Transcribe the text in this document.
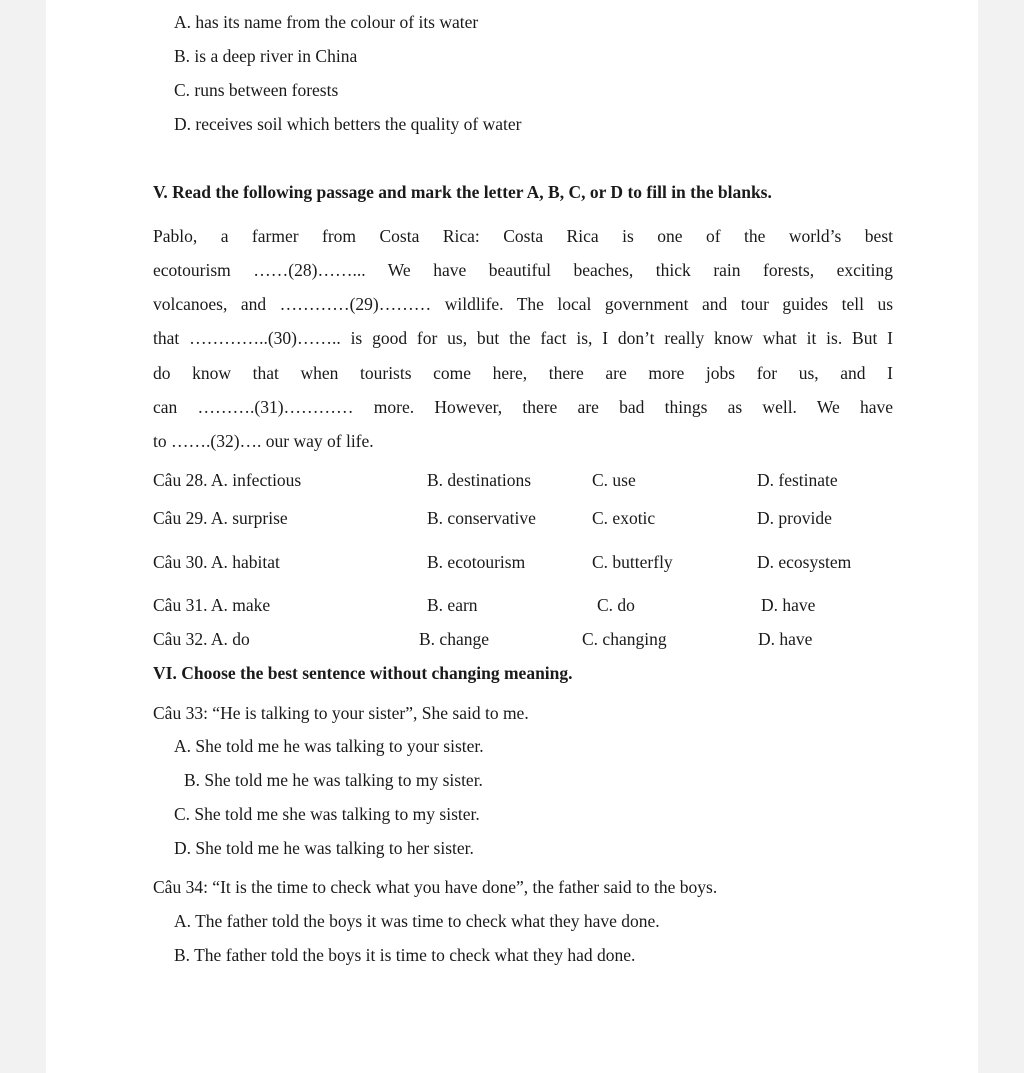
A. has its name from the colour of its water
B. is a deep river in China
C. runs between forests
D. receives soil which betters the quality of water
V. Read the following passage and mark the letter A, B, C, or D to fill in the blanks.
Pablo, a farmer from Costa Rica: Costa Rica is one of the world’s best
ecotourism ……(28)……... We have beautiful beaches, thick rain forests, exciting
volcanoes, and …………(29)……… wildlife. The local government and tour guides tell us
that …………..(30)…….. is good for us, but the fact is, I don’t really know what it is. But I
do know that when tourists come here, there are more jobs for us, and I
can ……….(31)………… more. However, there are bad things as well. We have
to …….(32)…. our way of life.
Câu 28. A. infectious	B. destinations	C. use	D. festinate
Câu 29. A. surprise	B. conservative	C. exotic	D. provide
Câu 30. A. habitat	B. ecotourism	C. butterfly	D. ecosystem
Câu 31. A. make	B. earn	C. do	D. have
Câu 32. A. do	B. change	C. changing	D. have
VI. Choose the best sentence without changing meaning.
Câu 33: “He is talking to your sister”, She said to me.
A. She told me he was talking to your sister.
B. She told me he was talking to my sister.
C. She told me she was talking to my sister.
D. She told me he was talking to her sister.
Câu 34: “It is the time to check what you have done”, the father said to the boys.
A. The father told the boys it was time to check what they have done.
B. The father told the boys it is time to check what they had done.
